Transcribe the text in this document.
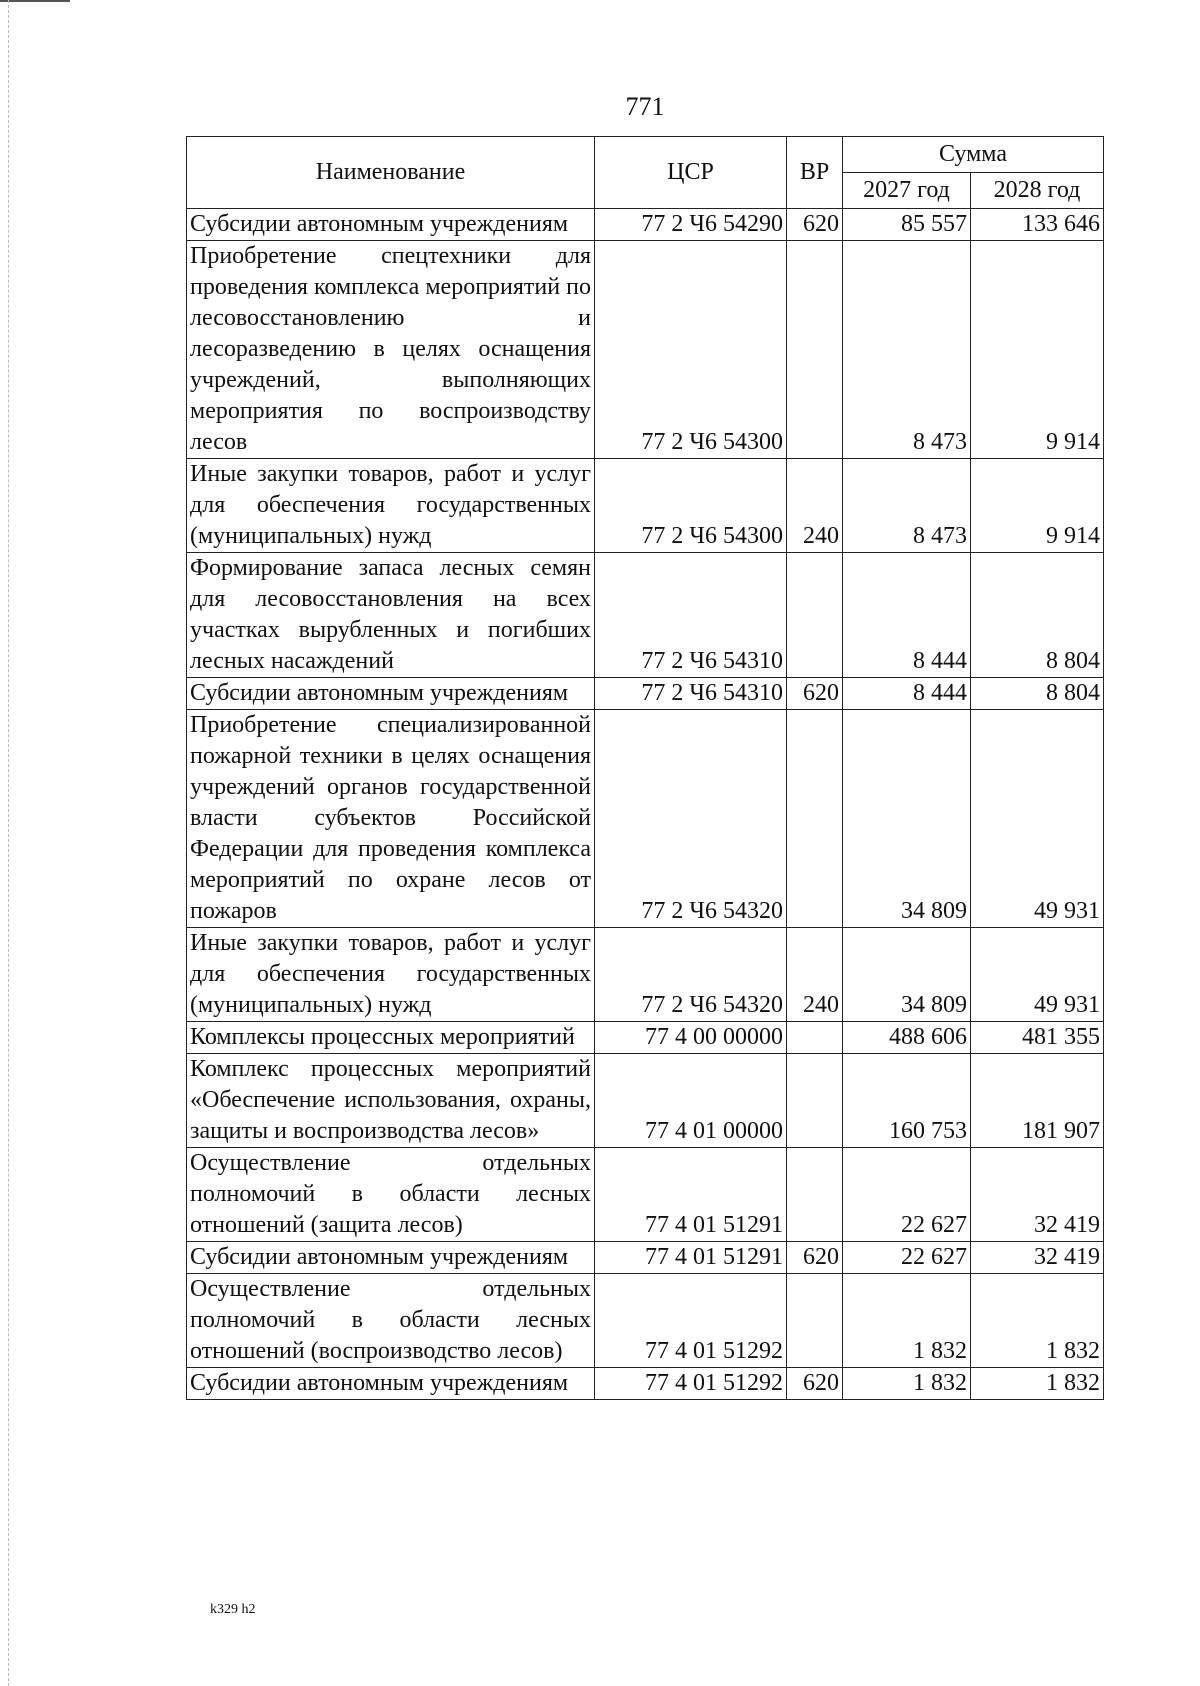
771
Наименование	ЦСР	ВР	Сумма	
			2027 год	2028 год
Субсидии автономным учреждениям	77 2 Ч6 54290	620	85 557	133 646
Приобретение спецтехники для проведения комплекса мероприятий по лесовосстановлению и лесоразведению в целях оснащения учреждений, выполняющих мероприятия по воспроизводству лесов	77 2 Ч6 54300		8 473	9 914
Иные закупки товаров, работ и услуг для обеспечения государственных (муниципальных) нужд	77 2 Ч6 54300	240	8 473	9 914
Формирование запаса лесных семян для лесовосстановления на всех участках вырубленных и погибших лесных насаждений	77 2 Ч6 54310		8 444	8 804
Субсидии автономным учреждениям	77 2 Ч6 54310	620	8 444	8 804
Приобретение специализированной пожарной техники в целях оснащения учреждений органов государственной власти субъектов Российской Федерации для проведения комплекса мероприятий по охране лесов от пожаров	77 2 Ч6 54320		34 809	49 931
Иные закупки товаров, работ и услуг для обеспечения государственных (муниципальных) нужд	77 2 Ч6 54320	240	34 809	49 931
Комплексы процессных мероприятий	77 4 00 00000		488 606	481 355
Комплекс процессных мероприятий «Обеспечение использования, охраны, защиты и воспроизводства лесов»	77 4 01 00000		160 753	181 907
Осуществление отдельных полномочий в области лесных отношений (защита лесов)	77 4 01 51291		22 627	32 419
Субсидии автономным учреждениям	77 4 01 51291	620	22 627	32 419
Осуществление отдельных полномочий в области лесных отношений (воспроизводство лесов)	77 4 01 51292		1 832	1 832
Субсидии автономным учреждениям	77 4 01 51292	620	1 832	1 832
k329 h2
